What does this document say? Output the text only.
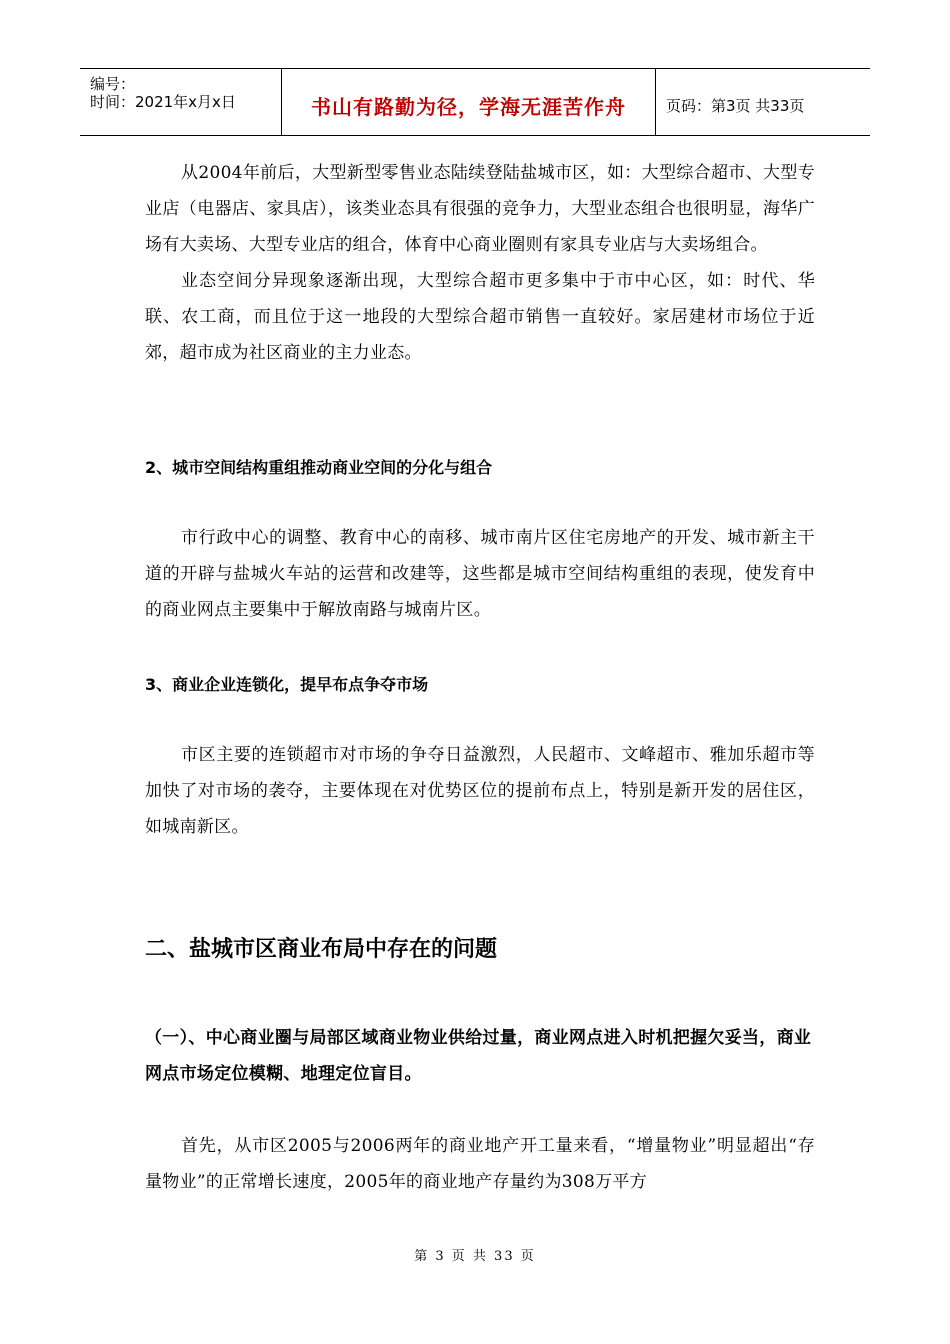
编号：
时间：2021年x月x日	书山有路勤为径，学海无涯苦作舟	页码：第3页 共33页

从2004年前后，大型新型零售业态陆续登陆盐城市区，如：大型综合超市、大型专业店（电器店、家具店），该类业态具有很强的竞争力，大型业态组合也很明显，海华广场有大卖场、大型专业店的组合，体育中心商业圈则有家具专业店与大卖场组合。

业态空间分异现象逐渐出现，大型综合超市更多集中于市中心区，如：时代、华联、农工商，而且位于这一地段的大型综合超市销售一直较好。家居建材市场位于近郊，超市成为社区商业的主力业态。

2、城市空间结构重组推动商业空间的分化与组合

市行政中心的调整、教育中心的南移、城市南片区住宅房地产的开发、城市新主干道的开辟与盐城火车站的运营和改建等，这些都是城市空间结构重组的表现，使发育中的商业网点主要集中于解放南路与城南片区。

3、商业企业连锁化，提早布点争夺市场

市区主要的连锁超市对市场的争夺日益激烈，人民超市、文峰超市、雅加乐超市等加快了对市场的袭夺，主要体现在对优势区位的提前布点上，特别是新开发的居住区，如城南新区。

二、盐城市区商业布局中存在的问题
（一）、中心商业圈与局部区域商业物业供给过量，商业网点进入时机把握欠妥当，商业网点市场定位模糊、地理定位盲目。

首先，从市区2005与2006两年的商业地产开工量来看，“增量物业”明显超出“存量物业”的正常增长速度，2005年的商业地产存量约为308万平方

第 3 页 共 33 页
